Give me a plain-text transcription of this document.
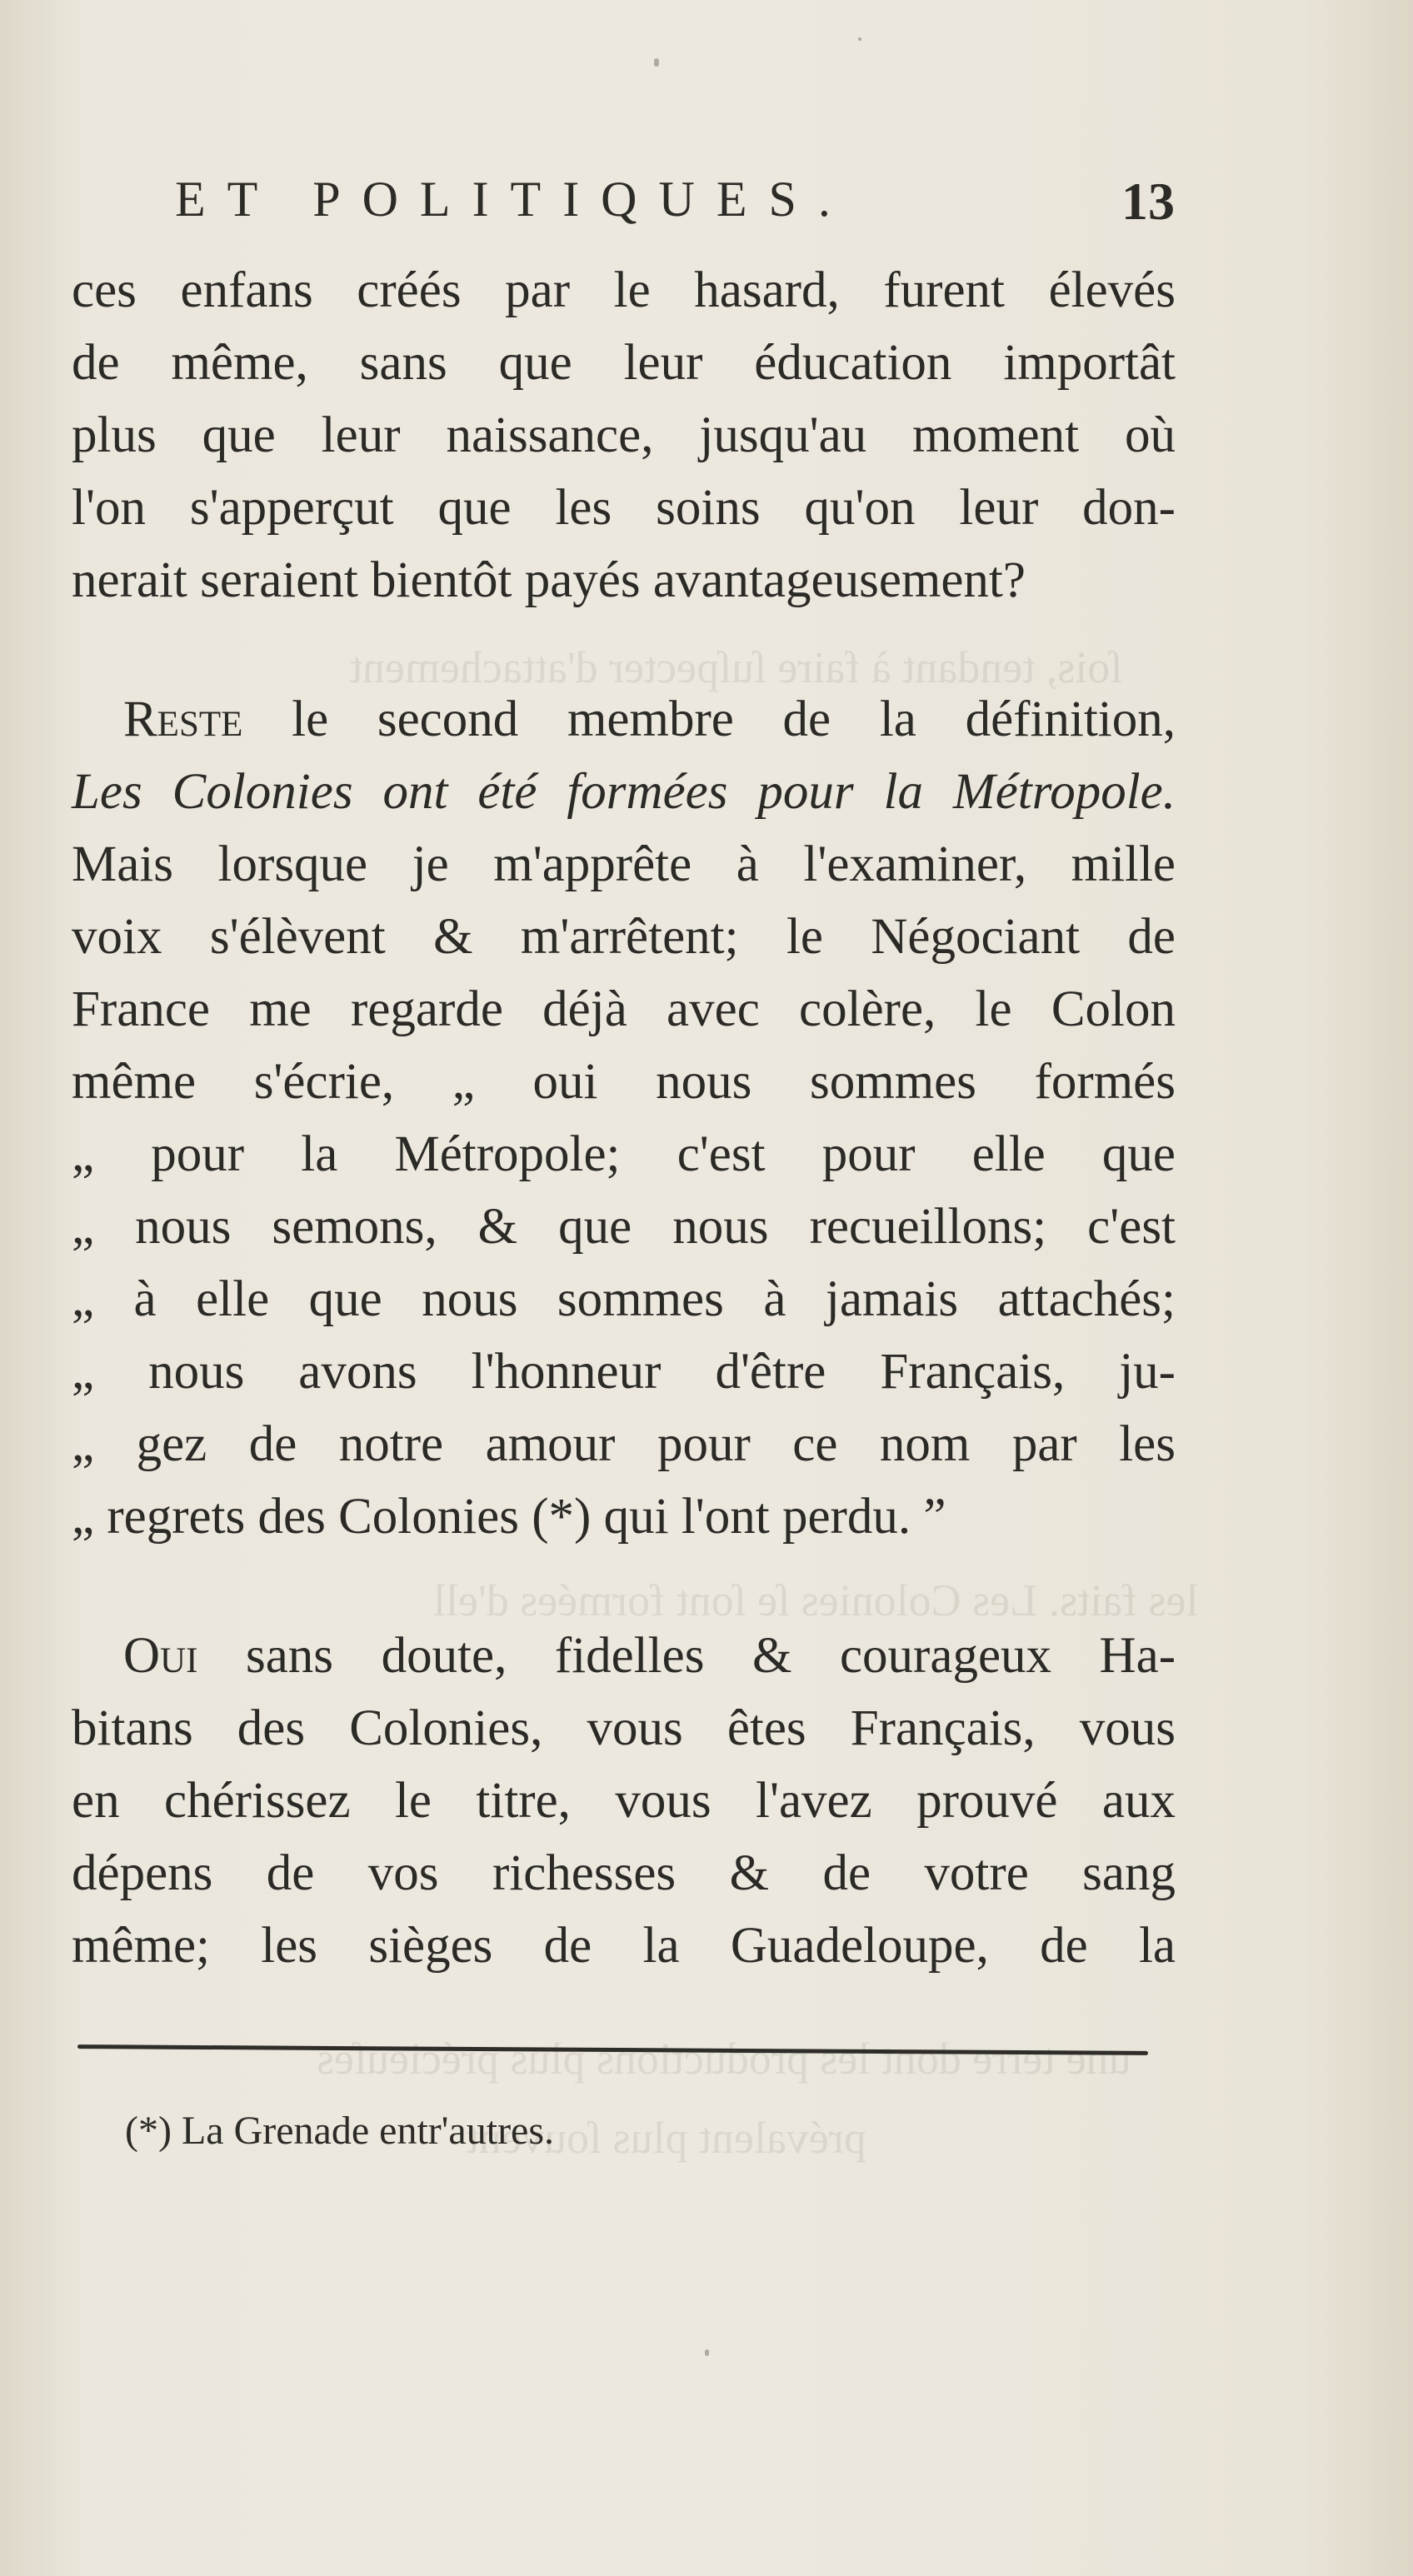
ſois, tendant à faire ſuſpecter d'attachement
les faits. Les Colonies ſe ſont formées d'ell
une terre dont les productions plus précieuſes
prévalent plus ſouvent
ET POLITIQUES.	13
ces enfans créés par le hasard, furent élevés
de même, sans que leur éducation importât
plus que leur naissance, jusqu'au moment où
l'on s'apperçut que les soins qu'on leur don-
nerait seraient bientôt payés avantageusement?
Reste le second membre de la définition,
Les Colonies ont été formées pour la Métropole.
Mais lorsque je m'apprête à l'examiner, mille
voix s'élèvent & m'arrêtent; le Négociant de
France me regarde déjà avec colère, le Colon
même s'écrie, „ oui nous sommes formés
„ pour la Métropole; c'est pour elle que
„ nous semons, & que nous recueillons; c'est
„ à elle que nous sommes à jamais attachés;
„ nous avons l'honneur d'être Français, ju-
„ gez de notre amour pour ce nom par les
„ regrets des Colonies (*) qui l'ont perdu. ”
Oui sans doute, fidelles & courageux Ha-
bitans des Colonies, vous êtes Français, vous
en chérissez le titre, vous l'avez prouvé aux
dépens de vos richesses & de votre sang
même; les sièges de la Guadeloupe, de la
(*) La Grenade entr'autres.
